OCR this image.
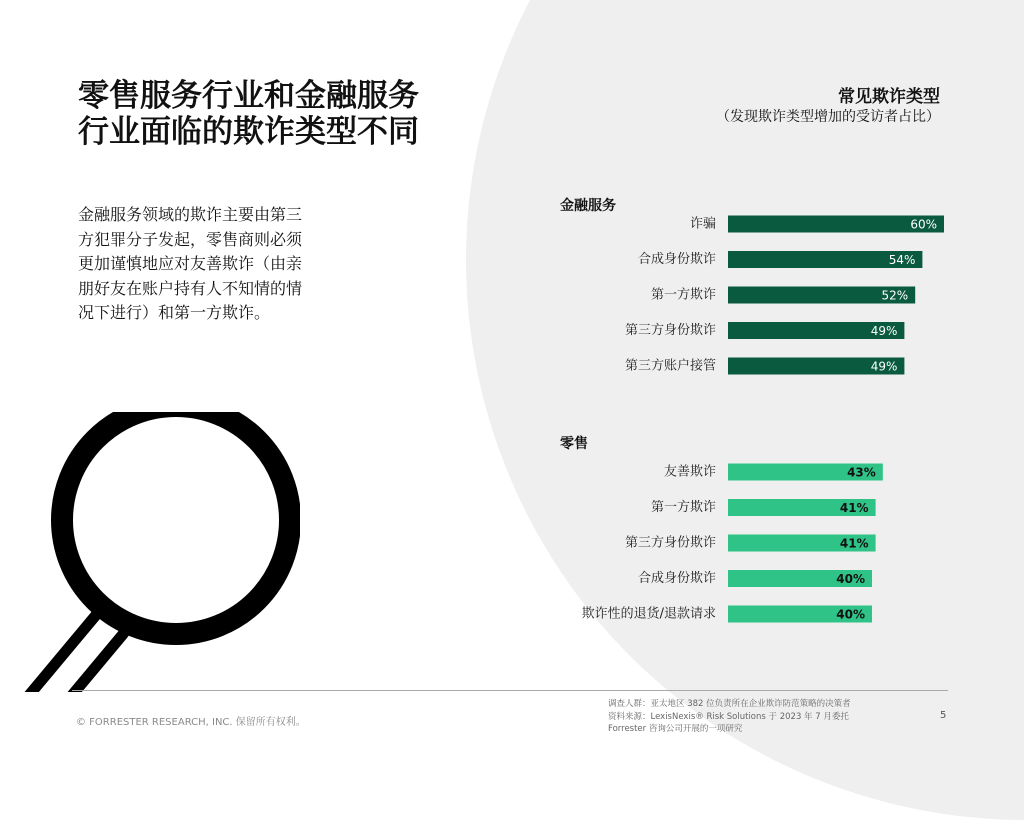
零售服务行业和金融服务
行业面临的欺诈类型不同

金融服务领域的欺诈主要由第三
方犯罪分子发起，零售商则必须
更加谨慎地应对友善欺诈（由亲
朋好友在账户持有人不知情的情
况下进行）和第一方欺诈。

常见欺诈类型

（发现欺诈类型增加的受访者占比）

金融服务
诈骗	60%
合成身份欺诈	54%
第一方欺诈	52%
第三方身份欺诈	49%
第三方账户接管	49%
零售
友善欺诈	43%
第一方欺诈	41%
第三方身份欺诈	41%
合成身份欺诈	40%
欺诈性的退货/退款请求	40%
© FORRESTER RESEARCH, INC. 保留所有权利。
调查人群：亚太地区 382 位负责所在企业欺诈防范策略的决策者
资料来源：LexisNexis® Risk Solutions 于 2023 年 7 月委托
Forrester 咨询公司开展的一项研究
5
